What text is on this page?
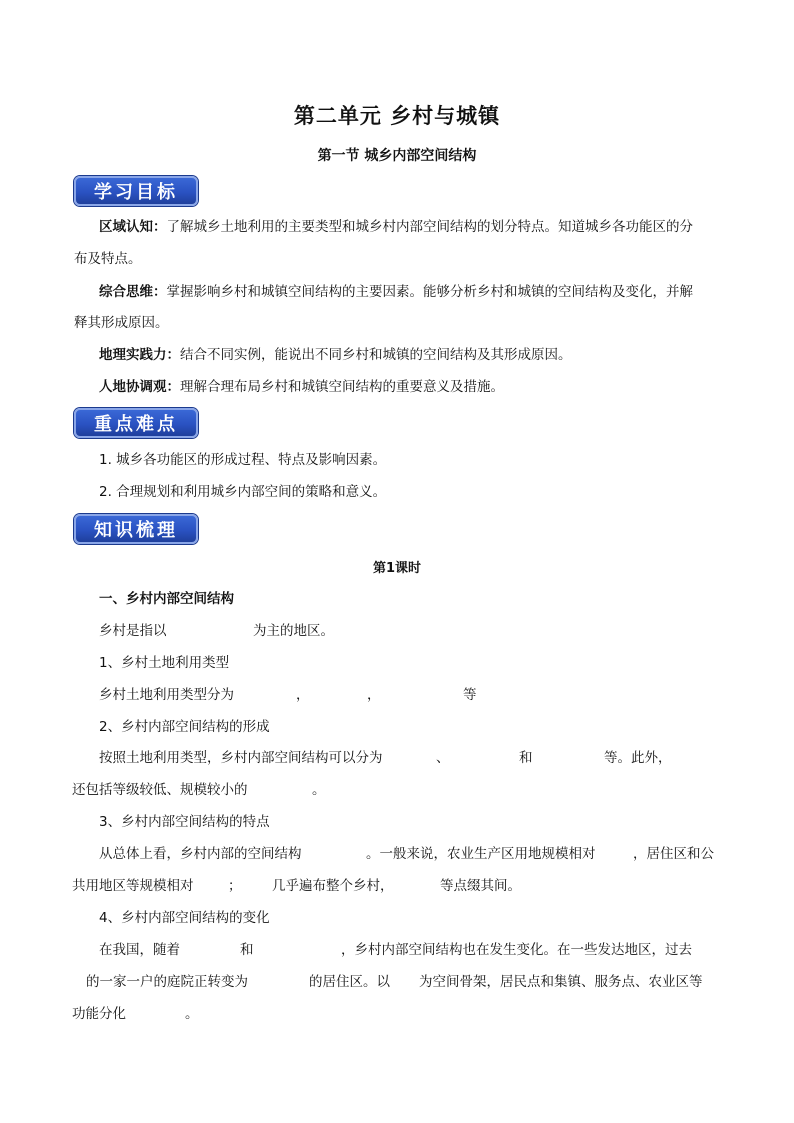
第二单元 乡村与城镇
第一节 城乡内部空间结构
学习目标
区域认知：了解城乡土地利用的主要类型和城乡村内部空间结构的划分特点。知道城乡各功能区的分
布及特点。
综合思维：掌握影响乡村和城镇空间结构的主要因素。能够分析乡村和城镇的空间结构及变化，并解
释其形成原因。
地理实践力：结合不同实例，能说出不同乡村和城镇的空间结构及其形成原因。
人地协调观：理解合理布局乡村和城镇空间结构的重要意义及措施。
重点难点
1. 城乡各功能区的形成过程、特点及影响因素。
2. 合理规划和利用城乡内部空间的策略和意义。
知识梳理
第1课时
一、乡村内部空间结构
乡村是指以	为主的地区。
1、乡村土地利用类型
乡村土地利用类型分为	，	，	等
2、乡村内部空间结构的形成
按照土地利用类型，乡村内部空间结构可以分为	、	和	等。此外，
还包括等级较低、规模较小的	。
3、乡村内部空间结构的特点
从总体上看，乡村内部的空间结构	。一般来说，农业生产区用地规模相对	，居住区和公
共用地区等规模相对	； 几乎遍布整个乡村，	等点缀其间。
4、乡村内部空间结构的变化
在我国，随着	和	，乡村内部空间结构也在发生变化。在一些发达地区，过去
的一家一户的庭院正转变为	的居住区。以 为空间骨架，居民点和集镇、服务点、农业区等
功能分化	。
